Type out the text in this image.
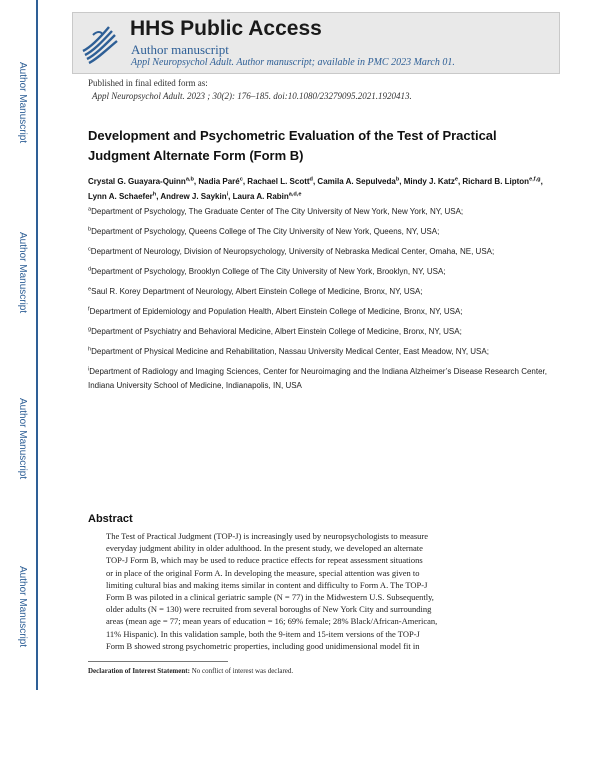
Author Manuscript
Author Manuscript
Author Manuscript
Author Manuscript
HHS Public Access
Author manuscript
Appl Neuropsychol Adult. Author manuscript; available in PMC 2023 March 01.
Published in final edited form as:
Appl Neuropsychol Adult. 2023 ; 30(2): 176–185. doi:10.1080/23279095.2021.1920413.
Development and Psychometric Evaluation of the Test of Practical Judgment Alternate Form (Form B)
Crystal G. Guayara-Quinn$^{a,b}$, Nadia Paré$^c$, Rachael L. Scott$^d$, Camila A. Sepulveda$^b$, Mindy J. Katz$^e$, Richard B. Lipton$^{e,f,g}$, Lynn A. Schaefer$^h$, Andrew J. Saykin$^i$, Laura A. Rabin$^{a,d,e}$
$^a$Department of Psychology, The Graduate Center of The City University of New York, New York, NY, USA;
$^b$Department of Psychology, Queens College of The City University of New York, Queens, NY, USA;
$^c$Department of Neurology, Division of Neuropsychology, University of Nebraska Medical Center, Omaha, NE, USA;
$^d$Department of Psychology, Brooklyn College of The City University of New York, Brooklyn, NY, USA;
$^e$Saul R. Korey Department of Neurology, Albert Einstein College of Medicine, Bronx, NY, USA;
$^f$Department of Epidemiology and Population Health, Albert Einstein College of Medicine, Bronx, NY, USA;
$^g$Department of Psychiatry and Behavioral Medicine, Albert Einstein College of Medicine, Bronx, NY, USA;
$^h$Department of Physical Medicine and Rehabilitation, Nassau University Medical Center, East Meadow, NY, USA;
$^i$Department of Radiology and Imaging Sciences, Center for Neuroimaging and the Indiana Alzheimer’s Disease Research Center, Indiana University School of Medicine, Indianapolis, IN, USA
Abstract
The Test of Practical Judgment (TOP-J) is increasingly used by neuropsychologists to measure
everyday judgment ability in older adulthood. In the present study, we developed an alternate
TOP-J Form B, which may be used to reduce practice effects for repeat assessment situations
or in place of the original Form A. In developing the measure, special attention was given to
limiting cultural bias and making items similar in content and difficulty to Form A. The TOP-J
Form B was piloted in a clinical geriatric sample (N = 77) in the Midwestern U.S. Subsequently,
older adults (N = 130) were recruited from several boroughs of New York City and surrounding
areas (mean age = 77; mean years of education = 16; 69% female; 28% Black/African-American,
11% Hispanic). In this validation sample, both the 9-item and 15-item versions of the TOP-J
Form B showed strong psychometric properties, including good unidimensional model fit in
Declaration of Interest Statement: No conflict of interest was declared.
